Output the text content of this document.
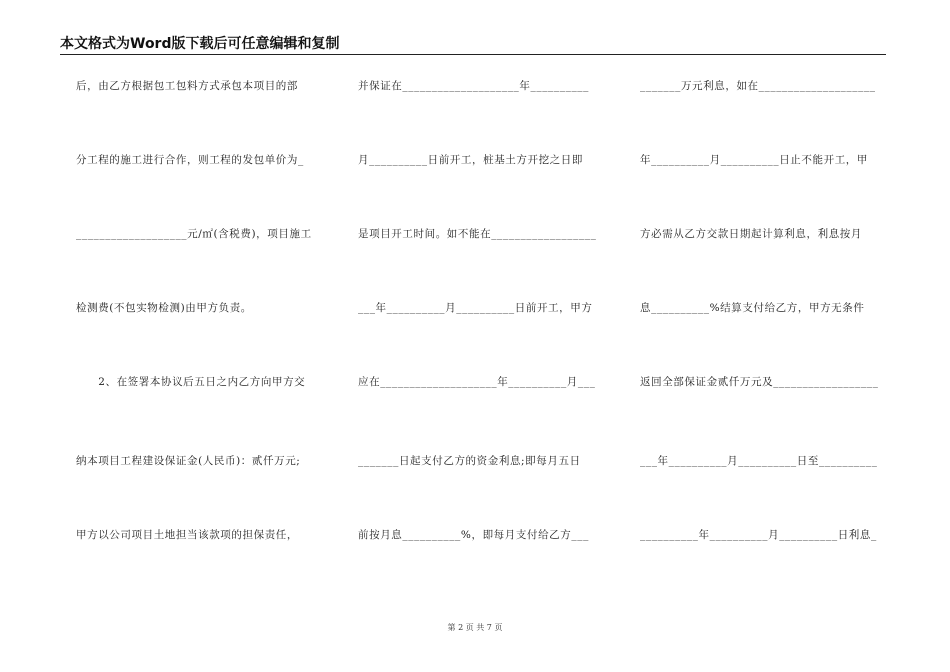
本文格式为Word版下载后可任意编辑和复制
后，由乙方根据包工包料方式承包本项目的部
分工程的施工进行合作，则工程的发包单价为_
___________________元/㎡(含税费)，项目施工
检测费(不包实物检测)由甲方负责。
　　2、在签署本协议后五日之内乙方向甲方交
纳本项目工程建设保证金(人民币)：贰仟万元;
甲方以公司项目土地担当该款项的担保责任，
并保证在____________________年__________
月__________日前开工，桩基土方开挖之日即
是项目开工时间。如不能在__________________
___年__________月__________日前开工，甲方
应在____________________年__________月___
_______日起支付乙方的资金利息;即每月五日
前按月息__________%，即每月支付给乙方___
_______万元利息，如在____________________
年__________月__________日止不能开工，甲
方必需从乙方交款日期起计算利息，利息按月
息__________%结算支付给乙方，甲方无条件
返回全部保证金贰仟万元及__________________
___年__________月__________日至__________
__________年__________月__________日利息_
第 2 页 共 7 页
